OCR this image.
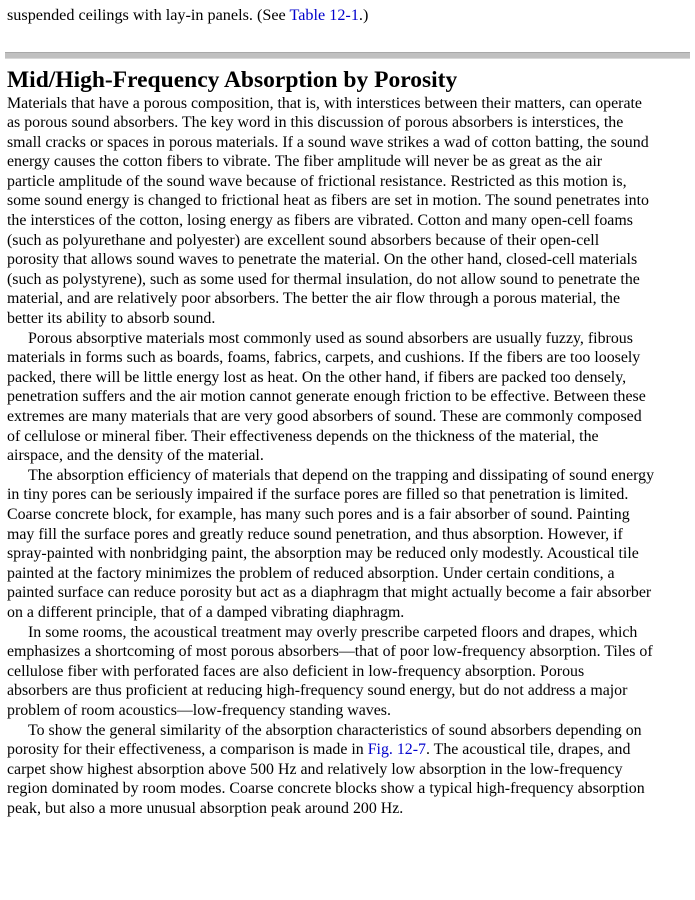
suspended ceilings with lay-in panels. (See Table 12-1.)

Mid/High-Frequency Absorption by Porosity

Materials that have a porous composition, that is, with interstices between their matters, can operate
as porous sound absorbers. The key word in this discussion of porous absorbers is interstices, the
small cracks or spaces in porous materials. If a sound wave strikes a wad of cotton batting, the sound
energy causes the cotton fibers to vibrate. The fiber amplitude will never be as great as the air
particle amplitude of the sound wave because of frictional resistance. Restricted as this motion is,
some sound energy is changed to frictional heat as fibers are set in motion. The sound penetrates into
the interstices of the cotton, losing energy as fibers are vibrated. Cotton and many open-cell foams
(such as polyurethane and polyester) are excellent sound absorbers because of their open-cell
porosity that allows sound waves to penetrate the material. On the other hand, closed-cell materials
(such as polystyrene), such as some used for thermal insulation, do not allow sound to penetrate the
material, and are relatively poor absorbers. The better the air flow through a porous material, the
better its ability to absorb sound.

Porous absorptive materials most commonly used as sound absorbers are usually fuzzy, fibrous
materials in forms such as boards, foams, fabrics, carpets, and cushions. If the fibers are too loosely
packed, there will be little energy lost as heat. On the other hand, if fibers are packed too densely,
penetration suffers and the air motion cannot generate enough friction to be effective. Between these
extremes are many materials that are very good absorbers of sound. These are commonly composed
of cellulose or mineral fiber. Their effectiveness depends on the thickness of the material, the
airspace, and the density of the material.

The absorption efficiency of materials that depend on the trapping and dissipating of sound energy
in tiny pores can be seriously impaired if the surface pores are filled so that penetration is limited.
Coarse concrete block, for example, has many such pores and is a fair absorber of sound. Painting
may fill the surface pores and greatly reduce sound penetration, and thus absorption. However, if
spray-painted with nonbridging paint, the absorption may be reduced only modestly. Acoustical tile
painted at the factory minimizes the problem of reduced absorption. Under certain conditions, a
painted surface can reduce porosity but act as a diaphragm that might actually become a fair absorber
on a different principle, that of a damped vibrating diaphragm.

In some rooms, the acoustical treatment may overly prescribe carpeted floors and drapes, which
emphasizes a shortcoming of most porous absorbers—that of poor low-frequency absorption. Tiles of
cellulose fiber with perforated faces are also deficient in low-frequency absorption. Porous
absorbers are thus proficient at reducing high-frequency sound energy, but do not address a major
problem of room acoustics—low-frequency standing waves.

To show the general similarity of the absorption characteristics of sound absorbers depending on
porosity for their effectiveness, a comparison is made in Fig. 12-7. The acoustical tile, drapes, and
carpet show highest absorption above 500 Hz and relatively low absorption in the low-frequency
region dominated by room modes. Coarse concrete blocks show a typical high-frequency absorption
peak, but also a more unusual absorption peak around 200 Hz.
